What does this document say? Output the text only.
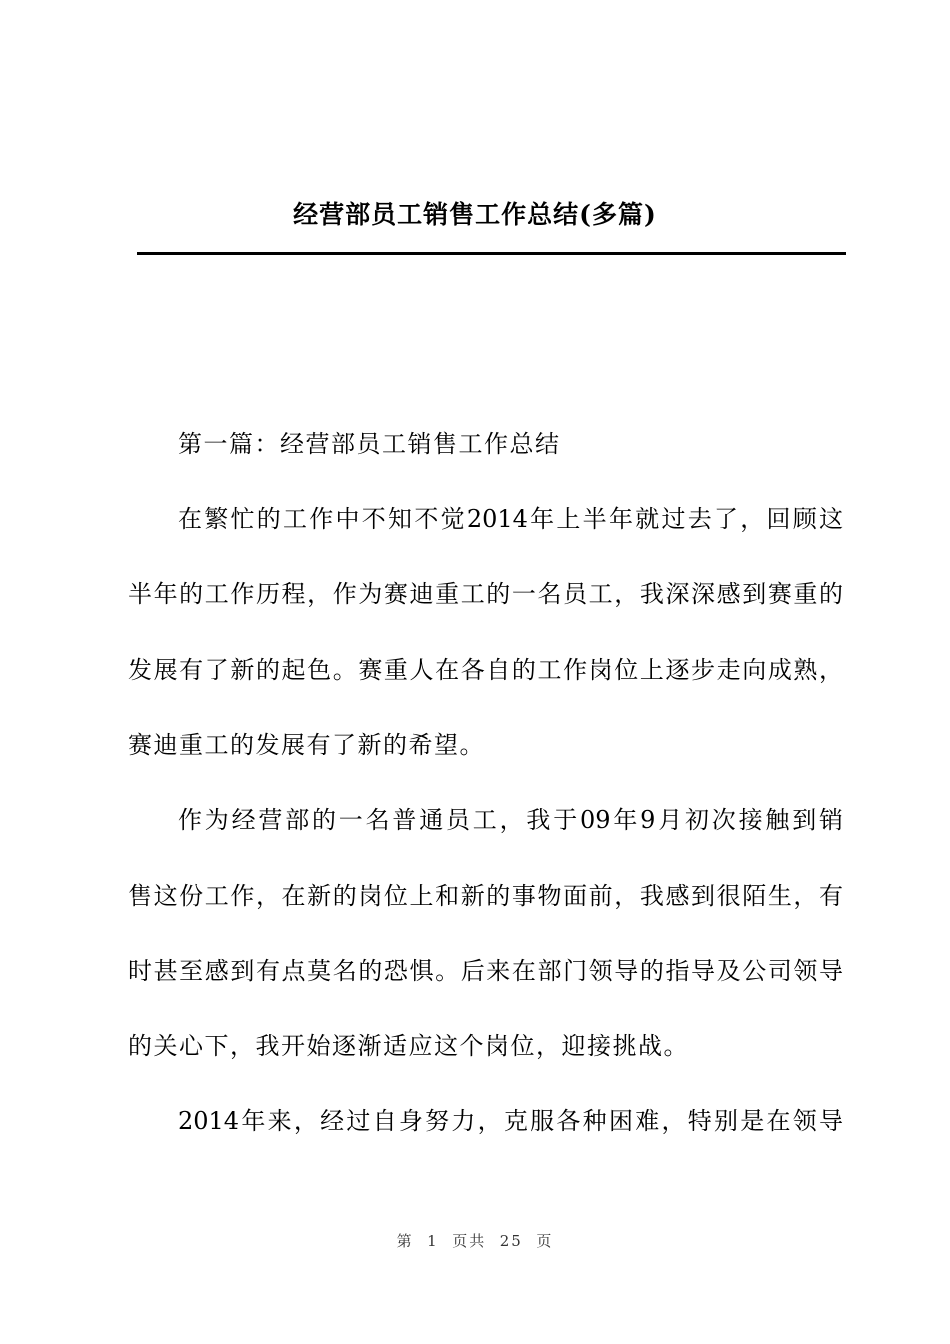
经营部员工销售工作总结(多篇)
第一篇：经营部员工销售工作总结
在繁忙的工作中不知不觉2014年上半年就过去了，回顾这
半年的工作历程，作为赛迪重工的一名员工，我深深感到赛重的
发展有了新的起色。赛重人在各自的工作岗位上逐步走向成熟，
赛迪重工的发展有了新的希望。
作为经营部的一名普通员工，我于09年9月初次接触到销
售这份工作，在新的岗位上和新的事物面前，我感到很陌生，有
时甚至感到有点莫名的恐惧。后来在部门领导的指导及公司领导
的关心下，我开始逐渐适应这个岗位，迎接挑战。
2014年来，经过自身努力，克服各种困难，特别是在领导
第  1  页共  25  页
